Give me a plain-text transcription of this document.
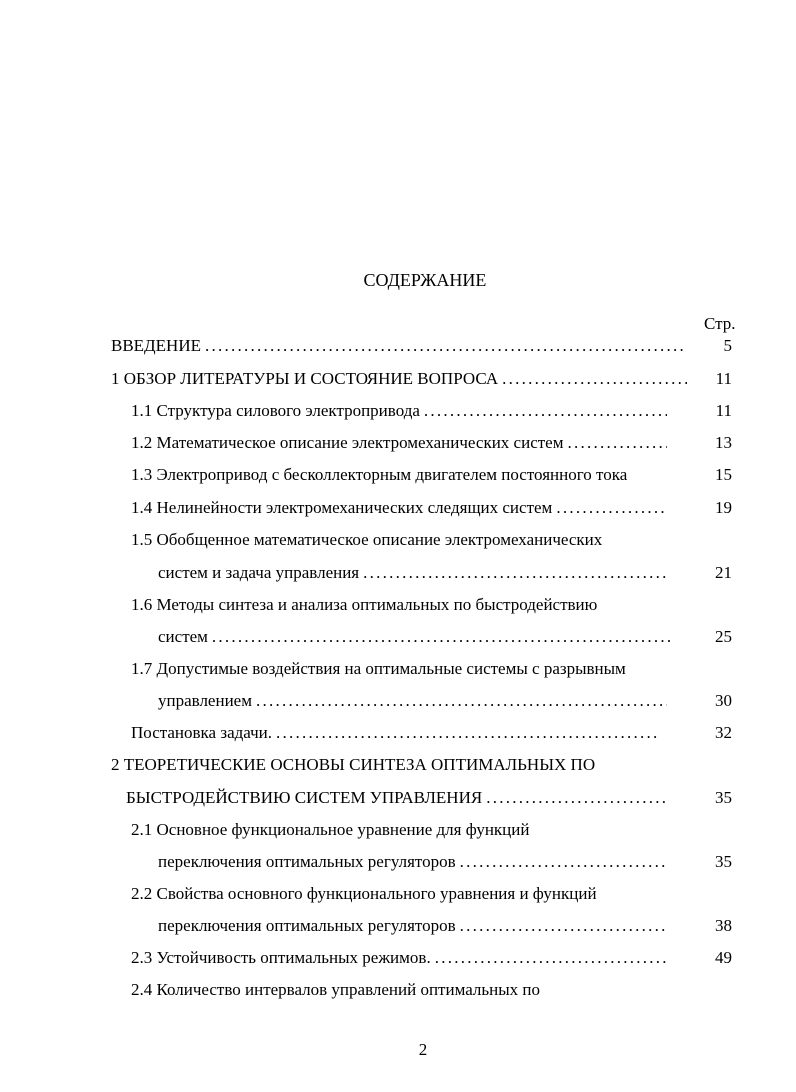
СОДЕРЖАНИЕ
Стр.
ВВЕДЕНИЕ . . .	5
1 ОБЗОР ЛИТЕРАТУРЫ И СОСТОЯНИЕ ВОПРОСА . . .	11
1.1 Структура силового электропривода . . .	11
1.2 Математическое описание электромеханических систем . . .	13
1.3 Электропривод с бесколлекторным двигателем постоянного тока	15
1.4 Нелинейности электромеханических следящих систем . . .	19
1.5 Обобщенное математическое описание электромеханических
систем и задача управления . . .	21
1.6 Методы синтеза и анализа оптимальных по быстродействию
систем . . .	25
1.7 Допустимые воздействия на оптимальные системы с разрывным
управлением . . .	30
Постановка задачи. . . .	32
2 ТЕОРЕТИЧЕСКИЕ ОСНОВЫ СИНТЕЗА ОПТИМАЛЬНЫХ ПО
БЫСТРОДЕЙСТВИЮ СИСТЕМ УПРАВЛЕНИЯ . . .	35
2.1 Основное функциональное уравнение для функций
переключения оптимальных регуляторов . . .	35
2.2 Свойства основного функционального уравнения и функций
переключения оптимальных регуляторов . . .	38
2.3 Устойчивость оптимальных режимов. . . .	49
2.4 Количество интервалов управлений оптимальных по
2
